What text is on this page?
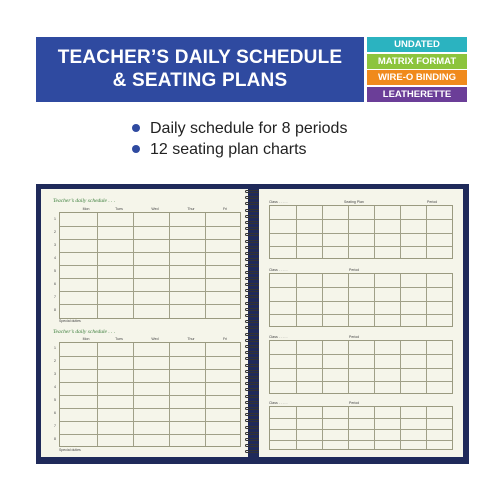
TEACHER’S DAILY SCHEDULE
& SEATING PLANS
UNDATED
MATRIX FORMAT
WIRE-O BINDING
LEATHERETTE COVER
Daily schedule for 8 periods
12 seating plan charts
Teacher’s daily schedule . . .
Mon	Tues	Wed	Thur	Fri
1
2
3
4
5
6
7
8
Special duties
Teacher’s daily schedule . . .
Mon	Tues	Wed	Thur	Fri
1
2
3
4
5
6
7
8
Special duties
Class . . . . .	Seating Plan	Period
Class . . . . .	Period
Class . . . . .	Period
Class . . . . .	Period
